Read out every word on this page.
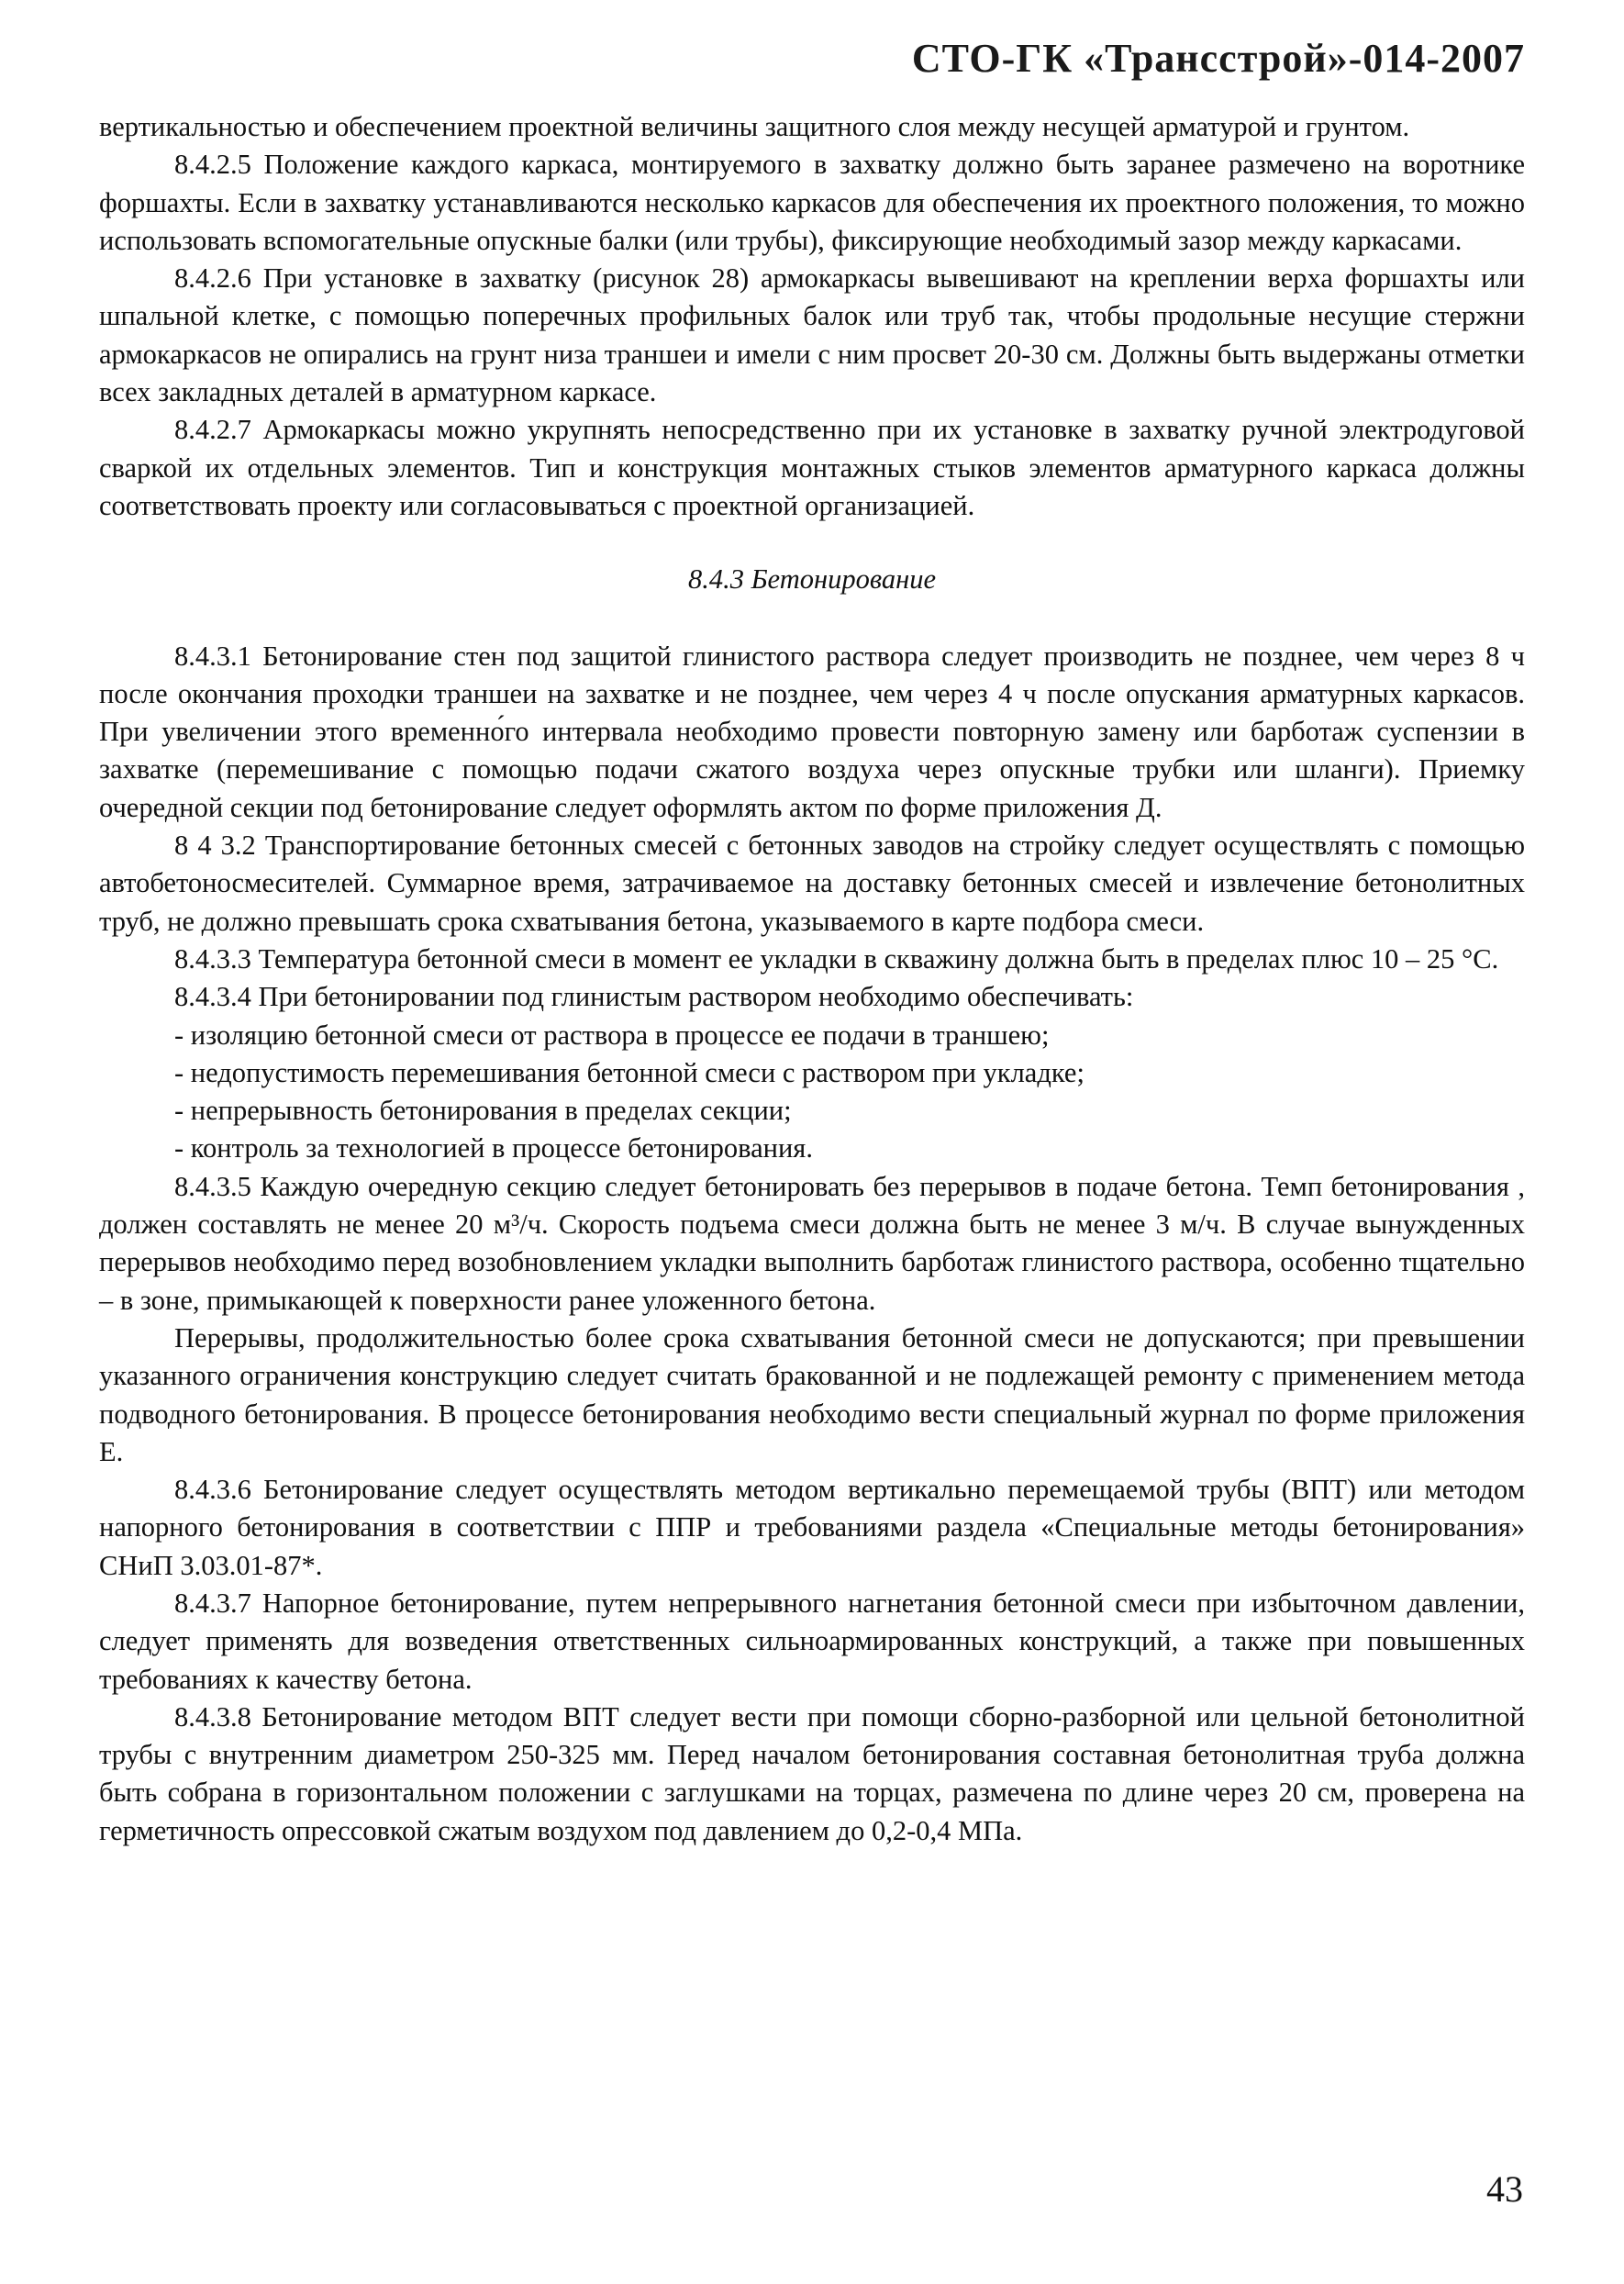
СТО-ГК «Трансстрой»-014-2007

вертикальностью и обеспечением проектной величины защитного слоя между несущей арматурой и грунтом.

8.4.2.5 Положение каждого каркаса, монтируемого в захватку должно быть заранее размечено на воротнике форшахты. Если в захватку устанавливаются несколько каркасов для обеспечения их проектного положения, то можно использовать вспомогательные опускные балки (или трубы), фиксирующие необходимый зазор между каркасами.

8.4.2.6 При установке в захватку (рисунок 28) армокаркасы вывешивают на креплении верха форшахты или шпальной клетке, с помощью поперечных профильных балок или труб так, чтобы продольные несущие стержни армокаркасов не опирались на грунт низа траншеи и имели с ним просвет 20-30 см. Должны быть выдержаны отметки всех закладных деталей в арматурном каркасе.

8.4.2.7 Армокаркасы можно укрупнять непосредственно при их установке в захватку ручной электродуговой сваркой их отдельных элементов. Тип и конструкция монтажных стыков элементов арматурного каркаса должны соответствовать проекту или согласовываться с проектной организацией.

8.4.3 Бетонирование

8.4.3.1 Бетонирование стен под защитой глинистого раствора следует производить не позднее, чем через 8 ч после окончания проходки траншеи на захватке и не позднее, чем через 4 ч после опускания арматурных каркасов. При увеличении этого временно́го интервала необходимо провести повторную замену или барботаж суспензии в захватке (перемешивание с помощью подачи сжатого воздуха через опускные трубки или шланги). Приемку очередной секции под бетонирование следует оформлять актом по форме приложения Д.

8 4 3.2 Транспортирование бетонных смесей с бетонных заводов на стройку следует осуществлять с помощью автобетоносмесителей. Суммарное время, затрачиваемое на доставку бетонных смесей и извлечение бетонолитных труб, не должно превышать срока схватывания бетона, указываемого в карте подбора смеси.

8.4.3.3 Температура бетонной смеси в момент ее укладки в скважину должна быть в пределах плюс 10 – 25 °С.

8.4.3.4 При бетонировании под глинистым раствором необходимо обеспечивать:

- изоляцию бетонной смеси от раствора в процессе ее подачи в траншею;

- недопустимость перемешивания бетонной смеси с раствором при укладке;

- непрерывность бетонирования в пределах секции;

- контроль за технологией в процессе бетонирования.

8.4.3.5 Каждую очередную секцию следует бетонировать без перерывов в подаче бетона. Темп бетонирования , должен составлять не менее 20 м³/ч. Скорость подъема смеси должна быть не менее 3 м/ч. В случае вынужденных перерывов необходимо перед возобновлением укладки выполнить барботаж глинистого раствора, особенно тщательно – в зоне, примыкающей к поверхности ранее уложенного бетона.

Перерывы, продолжительностью более срока схватывания бетонной смеси не допускаются; при превышении указанного ограничения конструкцию следует считать бракованной и не подлежащей ремонту с применением метода подводного бетонирования. В процессе бетонирования необходимо вести специальный журнал по форме приложения Е.

8.4.3.6 Бетонирование следует осуществлять методом вертикально перемещаемой трубы (ВПТ) или методом напорного бетонирования в соответствии с ППР и требованиями раздела «Специальные методы бетонирования» СНиП 3.03.01-87*.

8.4.3.7 Напорное бетонирование, путем непрерывного нагнетания бетонной смеси при избыточном давлении, следует применять для возведения ответственных сильноармированных конструкций, а также при повышенных требованиях к качеству бетона.

8.4.3.8 Бетонирование методом ВПТ следует вести при помощи сборно-разборной или цельной бетонолитной трубы с внутренним диаметром 250-325 мм. Перед началом бетонирования составная бетонолитная труба должна быть собрана в горизонтальном положении с заглушками на торцах, размечена по длине через 20 см, проверена на герметичность опрессовкой сжатым воздухом под давлением до 0,2-0,4 МПа.

43
